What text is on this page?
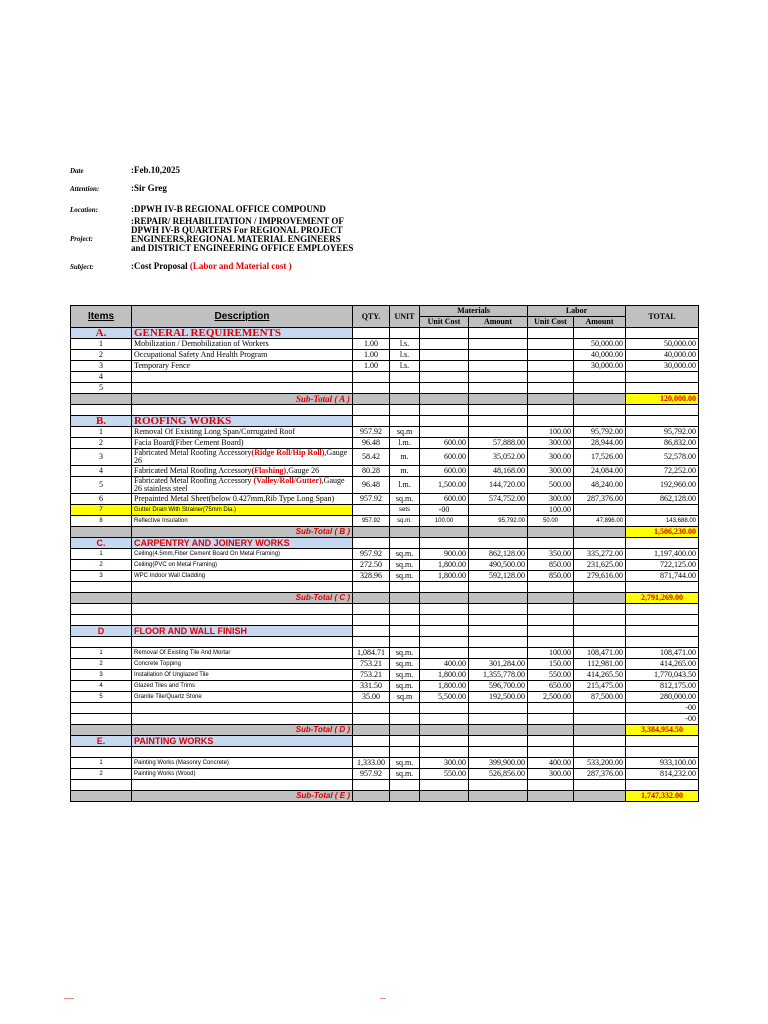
Date	:Feb.10,2025
Attention:	:Sir Greg
Location:	:DPWH IV-B REGIONAL OFFICE COMPOUND
Project:
:REPAIR/ REHABILITATION / IMPROVEMENT OF DPWH IV-B QUARTERS For REGIONAL PROJECT ENGINEERS,REGIONAL MATERIAL ENGINEERS and DISTRICT ENGINEERING OFFICE EMPLOYEES
Subject:	:Cost Proposal (Labor and Material cost )
Items	Description	QTY.	UNIT	Materials		Labor		TOTAL
				Unit Cost	Amount	Unit Cost	Amount	
A.	GENERAL REQUIREMENTS							
1	Mobilization / Demobilization of Workers	1.00	l.s.				50,000.00	50,000.00
2	Occupational Safety And Health Program	1.00	l.s.				40,000.00	40,000.00
3	Temporary Fence	1.00	l.s.				30,000.00	30,000.00
4								
5								
	Sub-Total ( A )							120,000.00

B.	ROOFING WORKS							
1	Removal Of Existing Long Span/Corrugated Roof	957.92	sq.m			100.00	95,792.00	95,792.00
2	Facia Board(Fiber Cement Board)	96.48	l.m.	600.00	57,888.00	300.00	28,944.00	86,832.00
3	Fabricated Metal Roofing Accessory(Ridge Roll/Hip Roll),Gauge 26	58.42	m.	600.00	35,052.00	300.00	17,526.00	52,578.00
4	Fabricated Metal Roofing Accessory(Flashing),Gauge 26	80.28	m.	600.00	48,168.00	300.00	24,084.00	72,252.00
5	Fabricated Metal Roofing Accessory (Valley/Roll/Gutter),Gauge 26 stainless steel	96.48	l.m.	1,500.00	144,720.00	500.00	48,240.00	192,960.00
6	Prepainted Metal Sheet(below 0.427mm,Rib Type Long Span)	957.92	sq.m.	600.00	574,752.00	300.00	287,376.00	862,128.00
7	Gutter Drain With Strainer(75mm Dia.)		sets	-00		100.00		
8	Reflective Insulation	957.92	sq.m.	100.00	95,792.00	50.00	47,896.00	143,688.00
	Sub-Total ( B )							1,506,230.00
C.	CARPENTRY AND JOINERY WORKS							
1	Ceiling(4.5mm,Fiber Cement Board On Metal Framing)	957.92	sq.m.	900.00	862,128.00	350.00	335,272.00	1,197,400.00
2	Ceiling(PVC on Metal Framing)	272.50	sq.m.	1,800.00	490,500.00	850.00	231,625.00	722,125.00
3	WPC Indoor Wall Cladding	328.96	sq.m.	1,800.00	592,128.00	850.00	279,616.00	871,744.00

	Sub-Total ( C )							2,791,269.00

D	FLOOR AND WALL FINISH							

1	Removal Of Existing Tile And Mortar	1,084.71	sq.m.			100.00	108,471.00	108,471.00
2	Concrete Topping	753.21	sq.m.	400.00	301,284.00	150.00	112,981.00	414,265.00
3	Installation Of Unglazed Tile	753.21	sq.m.	1,800.00	1,355,778.00	550.00	414,265.50	1,770,043.50
4	Glazed Tiles and Trims	331.50	sq.m.	1,800.00	596,700.00	650.00	215,475.00	812,175.00
5	Granite Tile/Quartz Stone	35.00	sq.m	5,500.00	192,500.00	2,500.00	87,500.00	280,000.00
								-00
								-00
	Sub-Total ( D )							3,384,954.50
E.	PAINTING WORKS							

1	Painting Works (Masonry Concrete)	1,333.00	sq.m.	300.00	399,900.00	400.00	533,200.00	933,100.00
2	Painting Works (Wood)	957.92	sq.m.	550.00	526,856.00	300.00	287,376.00	814,232.00

	Sub-Total ( E )							1,747,332.00
